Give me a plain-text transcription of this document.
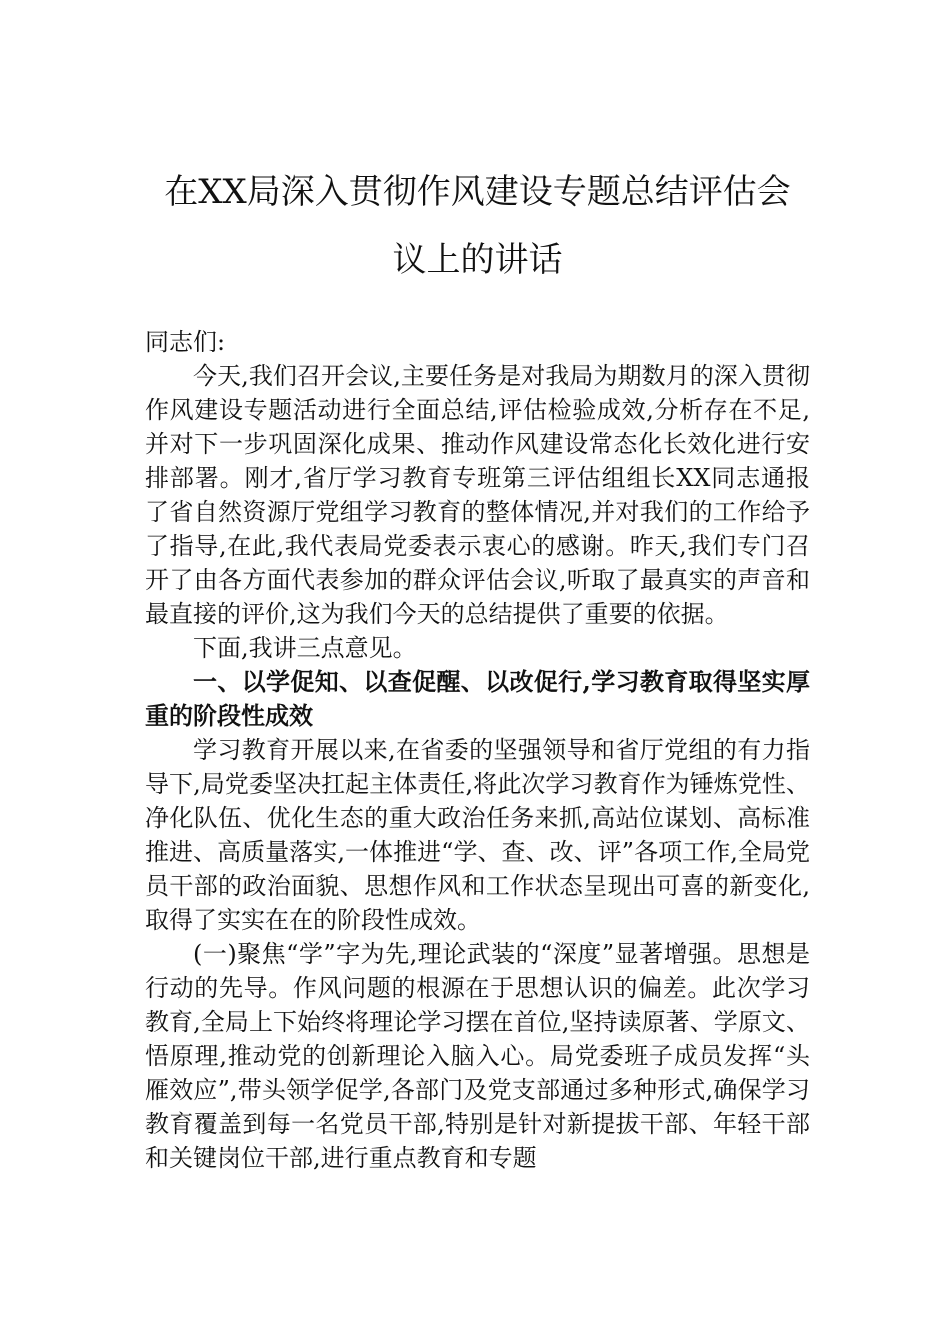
在XX局深入贯彻作风建设专题总结评估会
议上的讲话

同志们:

今天,我们召开会议,主要任务是对我局为期数月的深入贯彻作风建设专题活动进行全面总结,评估检验成效,分析存在不足,并对下一步巩固深化成果、推动作风建设常态化长效化进行安排部署。刚才,省厅学习教育专班第三评估组组长XX同志通报了省自然资源厅党组学习教育的整体情况,并对我们的工作给予了指导,在此,我代表局党委表示衷心的感谢。昨天,我们专门召开了由各方面代表参加的群众评估会议,听取了最真实的声音和最直接的评价,这为我们今天的总结提供了重要的依据。

下面,我讲三点意见。

一、以学促知、以查促醒、以改促行,学习教育取得坚实厚重的阶段性成效

学习教育开展以来,在省委的坚强领导和省厅党组的有力指导下,局党委坚决扛起主体责任,将此次学习教育作为锤炼党性、净化队伍、优化生态的重大政治任务来抓,高站位谋划、高标准推进、高质量落实,一体推进“学、查、改、评”各项工作,全局党员干部的政治面貌、思想作风和工作状态呈现出可喜的新变化,取得了实实在在的阶段性成效。

(一)聚焦“学”字为先,理论武装的“深度”显著增强。思想是行动的先导。作风问题的根源在于思想认识的偏差。此次学习教育,全局上下始终将理论学习摆在首位,坚持读原著、学原文、悟原理,推动党的创新理论入脑入心。局党委班子成员发挥“头雁效应”,带头领学促学,各部门及党支部通过多种形式,确保学习教育覆盖到每一名党员干部,特别是针对新提拔干部、年轻干部和关键岗位干部,进行重点教育和专题
